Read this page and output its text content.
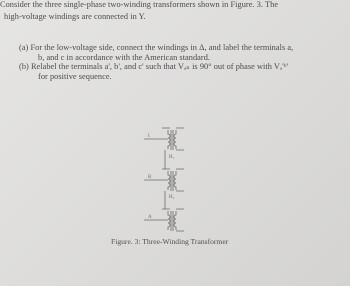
Consider the three single-phase two-winding transformers shown in Figure. 3. The
high-voltage windings are connected in Y.
(a) For the low-voltage side, connect the windings in Δ, and label the terminals a,
b, and c in accordance with the American standard.
(b) Relabel the terminals a', b', and c' such that Vₐₙ is 90° out of phase with Vₐ'ᵇ'
for positive sequence.
I
B
A
H₁
H₂
Figure. 3: Three-Winding Transformer
